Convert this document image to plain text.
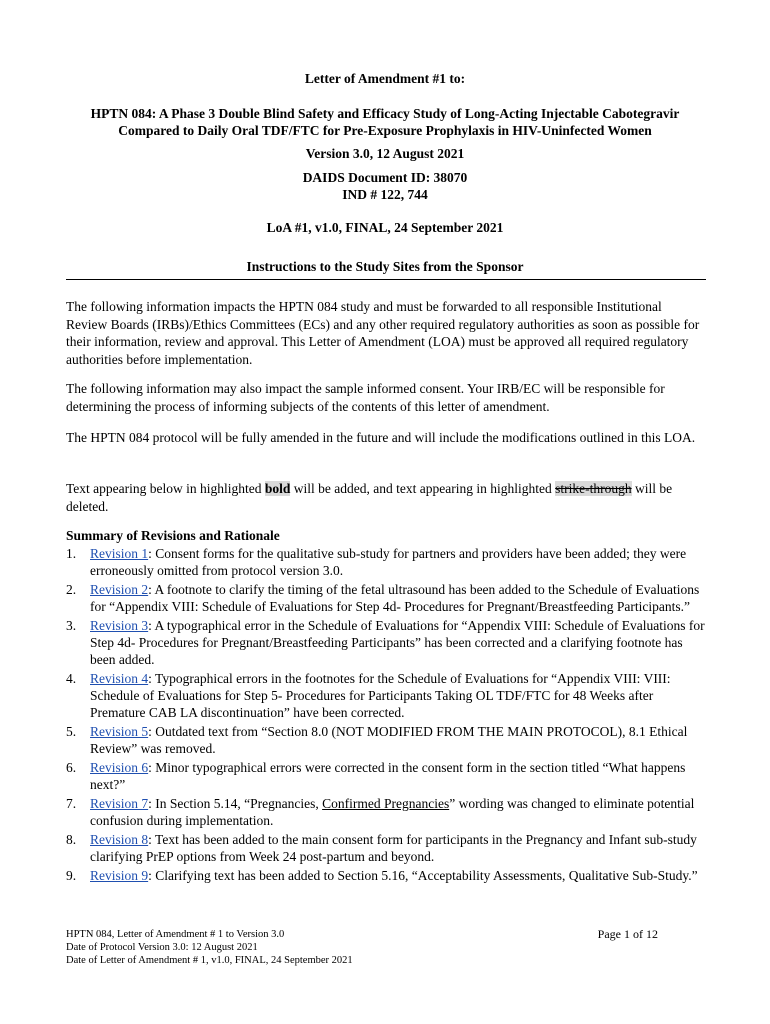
Letter of Amendment #1 to:
HPTN 084: A Phase 3 Double Blind Safety and Efficacy Study of Long-Acting Injectable Cabotegravir
Compared to Daily Oral TDF/FTC for Pre-Exposure Prophylaxis in HIV-Uninfected Women
Version 3.0, 12 August 2021
DAIDS Document ID: 38070
IND # 122, 744
LoA #1, v1.0, FINAL, 24 September 2021
Instructions to the Study Sites from the Sponsor
The following information impacts the HPTN 084 study and must be forwarded to all responsible Institutional Review Boards (IRBs)/Ethics Committees (ECs) and any other required regulatory authorities as soon as possible for their information, review and approval. This Letter of Amendment (LOA) must be approved all required regulatory authorities before implementation.
The following information may also impact the sample informed consent. Your IRB/EC will be responsible for determining the process of informing subjects of the contents of this letter of amendment.
The HPTN 084 protocol will be fully amended in the future and will include the modifications outlined in this LOA.
Text appearing below in highlighted bold will be added, and text appearing in highlighted strike-through will be deleted.
Summary of Revisions and Rationale
1. Revision 1: Consent forms for the qualitative sub-study for partners and providers have been added; they were erroneously omitted from protocol version 3.0.
2. Revision 2: A footnote to clarify the timing of the fetal ultrasound has been added to the Schedule of Evaluations for “Appendix VIII: Schedule of Evaluations for Step 4d- Procedures for Pregnant/Breastfeeding Participants.”
3. Revision 3: A typographical error in the Schedule of Evaluations for “Appendix VIII: Schedule of Evaluations for Step 4d- Procedures for Pregnant/Breastfeeding Participants” has been corrected and a clarifying footnote has been added.
4. Revision 4: Typographical errors in the footnotes for the Schedule of Evaluations for “Appendix VIII: VIII: Schedule of Evaluations for Step 5- Procedures for Participants Taking OL TDF/FTC for 48 Weeks after Premature CAB LA discontinuation” have been corrected.
5. Revision 5: Outdated text from “Section 8.0 (NOT MODIFIED FROM THE MAIN PROTOCOL), 8.1 Ethical Review” was removed.
6. Revision 6: Minor typographical errors were corrected in the consent form in the section titled “What happens next?”
7. Revision 7: In Section 5.14, “Pregnancies, Confirmed Pregnancies” wording was changed to eliminate potential confusion during implementation.
8. Revision 8: Text has been added to the main consent form for participants in the Pregnancy and Infant sub-study clarifying PrEP options from Week 24 post-partum and beyond.
9. Revision 9: Clarifying text has been added to Section 5.16, “Acceptability Assessments, Qualitative Sub-Study.”
HPTN 084, Letter of Amendment # 1 to Version 3.0
Date of Protocol Version 3.0: 12 August 2021
Date of Letter of Amendment # 1, v1.0, FINAL, 24 September 2021
Page 1 of 12
